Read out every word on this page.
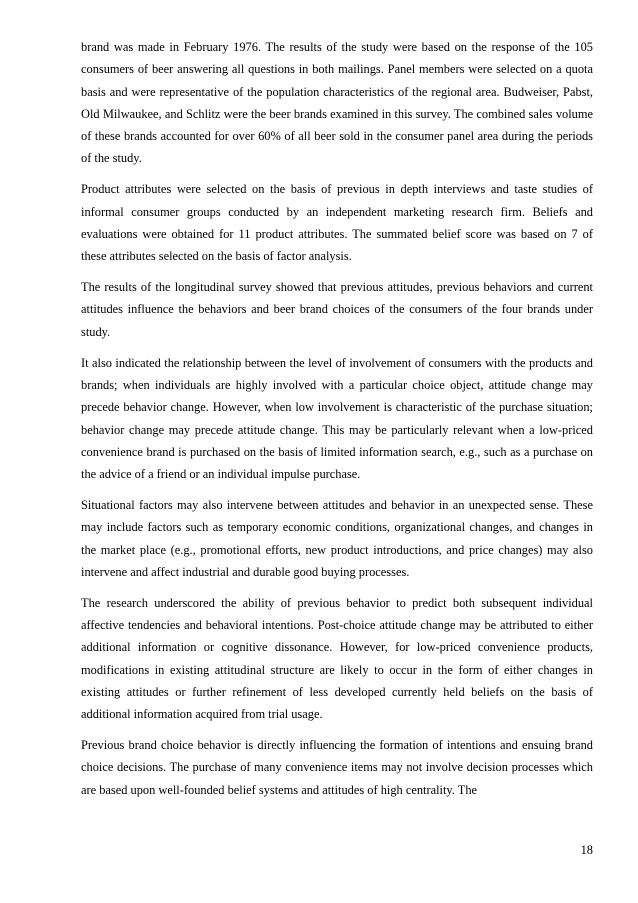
brand was made in February 1976. The results of the study were based on the response of the 105 consumers of beer answering all questions in both mailings. Panel members were selected on a quota basis and were representative of the population characteristics of the regional area. Budweiser, Pabst, Old Milwaukee, and Schlitz were the beer brands examined in this survey. The combined sales volume of these brands accounted for over 60% of all beer sold in the consumer panel area during the periods of the study.

Product attributes were selected on the basis of previous in depth interviews and taste studies of informal consumer groups conducted by an independent marketing research firm. Beliefs and evaluations were obtained for 11 product attributes. The summated belief score was based on 7 of these attributes selected on the basis of factor analysis.

The results of the longitudinal survey showed that previous attitudes, previous behaviors and current attitudes influence the behaviors and beer brand choices of the consumers of the four brands under study.

It also indicated the relationship between the level of involvement of consumers with the products and brands; when individuals are highly involved with a particular choice object, attitude change may precede behavior change. However, when low involvement is characteristic of the purchase situation; behavior change may precede attitude change. This may be particularly relevant when a low-priced convenience brand is purchased on the basis of limited information search, e.g., such as a purchase on the advice of a friend or an individual impulse purchase.

Situational factors may also intervene between attitudes and behavior in an unexpected sense. These may include factors such as temporary economic conditions, organizational changes, and changes in the market place (e.g., promotional efforts, new product introductions, and price changes) may also intervene and affect industrial and durable good buying processes.

The research underscored the ability of previous behavior to predict both subsequent individual affective tendencies and behavioral intentions. Post-choice attitude change may be attributed to either additional information or cognitive dissonance. However, for low-priced convenience products, modifications in existing attitudinal structure are likely to occur in the form of either changes in existing attitudes or further refinement of less developed currently held beliefs on the basis of additional information acquired from trial usage.

Previous brand choice behavior is directly influencing the formation of intentions and ensuing brand choice decisions. The purchase of many convenience items may not involve decision processes which are based upon well-founded belief systems and attitudes of high centrality. The

18
